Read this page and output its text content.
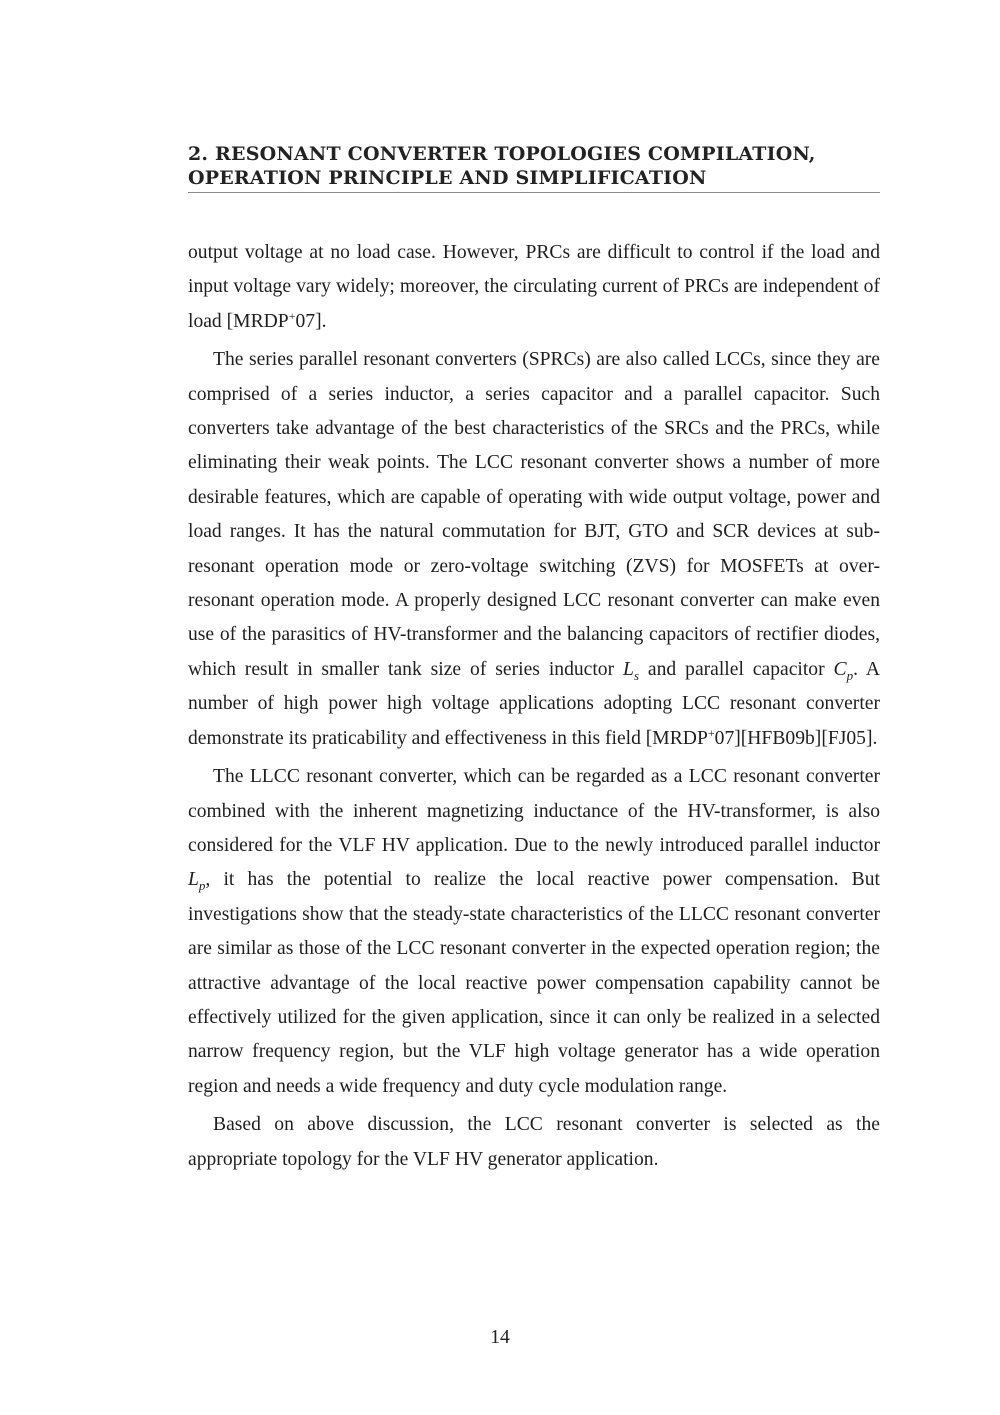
2. RESONANT CONVERTER TOPOLOGIES COMPILATION,
OPERATION PRINCIPLE AND SIMPLIFICATION

output voltage at no load case. However, PRCs are difficult to control if the load and input voltage vary widely; moreover, the circulating current of PRCs are independent of load [MRDP+07].

The series parallel resonant converters (SPRCs) are also called LCCs, since they are comprised of a series inductor, a series capacitor and a parallel capacitor. Such converters take advantage of the best characteristics of the SRCs and the PRCs, while eliminating their weak points. The LCC resonant converter shows a number of more desirable features, which are capable of operating with wide output voltage, power and load ranges. It has the natural commutation for BJT, GTO and SCR devices at sub-resonant operation mode or zero-voltage switching (ZVS) for MOSFETs at over-resonant operation mode. A properly designed LCC resonant converter can make even use of the parasitics of HV-transformer and the balancing capacitors of rectifier diodes, which result in smaller tank size of series inductor $L_s$ and parallel capacitor $C_p$. A number of high power high voltage applications adopting LCC resonant converter demonstrate its praticability and effectiveness in this field [MRDP+07][HFB09b][FJ05].

The LLCC resonant converter, which can be regarded as a LCC resonant converter combined with the inherent magnetizing inductance of the HV-transformer, is also considered for the VLF HV application. Due to the newly introduced parallel inductor $L_p$, it has the potential to realize the local reactive power compensation. But investigations show that the steady-state characteristics of the LLCC resonant converter are similar as those of the LCC resonant converter in the expected operation region; the attractive advantage of the local reactive power compensation capability cannot be effectively utilized for the given application, since it can only be realized in a selected narrow frequency region, but the VLF high voltage generator has a wide operation region and needs a wide frequency and duty cycle modulation range.

Based on above discussion, the LCC resonant converter is selected as the appropriate topology for the VLF HV generator application.

14
